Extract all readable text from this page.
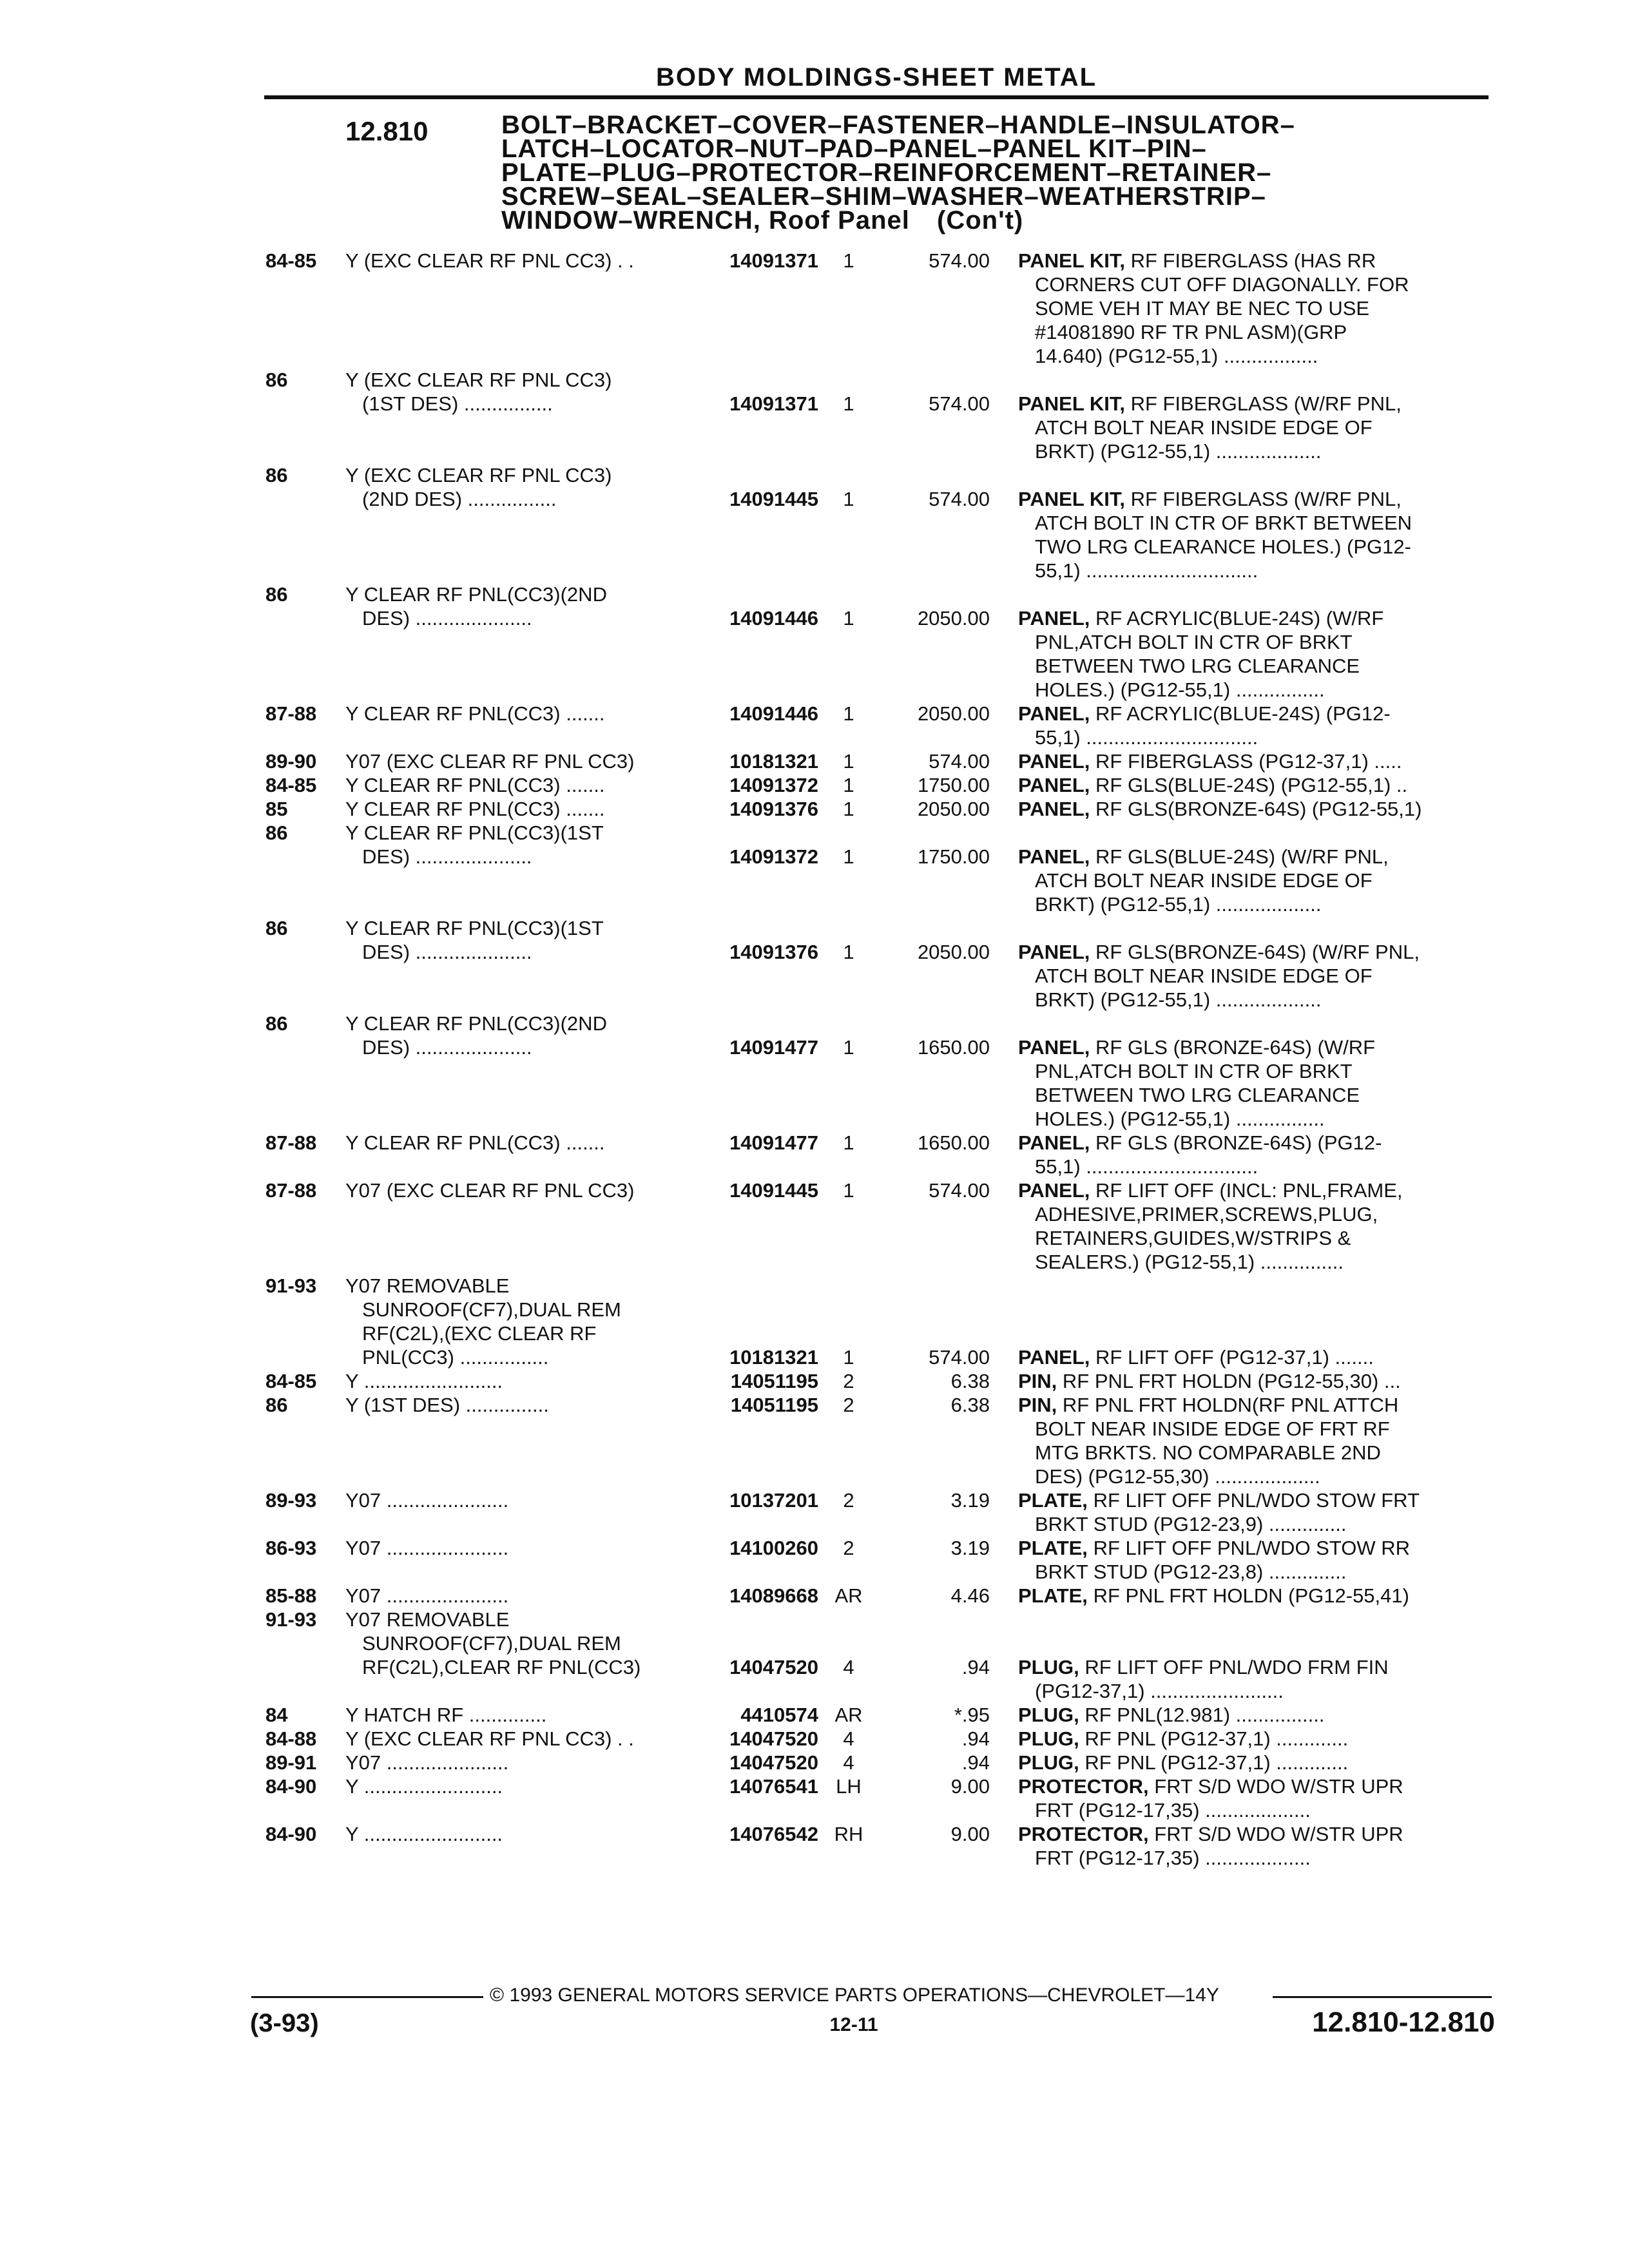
BODY MOLDINGS-SHEET METAL
12.810	BOLT–BRACKET–COVER–FASTENER–HANDLE–INSULATOR–
LATCH–LOCATOR–NUT–PAD–PANEL–PANEL KIT–PIN–
PLATE–PLUG–PROTECTOR–REINFORCEMENT–RETAINER–
SCREW–SEAL–SEALER–SHIM–WASHER–WEATHERSTRIP–
WINDOW–WRENCH, Roof Panel (Con't)
84-85 Y (EXC CLEAR RF PNL CC3) . .	14091371	1	574.00 PANEL KIT, RF FIBERGLASS (HAS RR
CORNERS CUT OFF DIAGONALLY. FOR
SOME VEH IT MAY BE NEC TO USE
#14081890 RF TR PNL ASM)(GRP
14.640) (PG12-55,1) .................
86	Y (EXC CLEAR RF PNL CC3)
(1ST DES) ................	14091371	1	574.00 PANEL KIT, RF FIBERGLASS (W/RF PNL,
ATCH BOLT NEAR INSIDE EDGE OF
BRKT) (PG12-55,1) ...................
86	Y (EXC CLEAR RF PNL CC3)
(2ND DES) ................	14091445	1	574.00 PANEL KIT, RF FIBERGLASS (W/RF PNL,
ATCH BOLT IN CTR OF BRKT BETWEEN
TWO LRG CLEARANCE HOLES.) (PG12-
55,1) ...............................
86	Y CLEAR RF PNL(CC3)(2ND
DES) .....................	14091446	1	2050.00 PANEL, RF ACRYLIC(BLUE-24S) (W/RF
PNL,ATCH BOLT IN CTR OF BRKT
BETWEEN TWO LRG CLEARANCE
HOLES.) (PG12-55,1) ................
87-88 Y CLEAR RF PNL(CC3) .......	14091446	1	2050.00 PANEL, RF ACRYLIC(BLUE-24S) (PG12-
55,1) ...............................
89-90 Y07 (EXC CLEAR RF PNL CC3)	10181321	1	574.00 PANEL, RF FIBERGLASS (PG12-37,1) .....
84-85 Y CLEAR RF PNL(CC3) .......	14091372	1	1750.00 PANEL, RF GLS(BLUE-24S) (PG12-55,1) ..
85	Y CLEAR RF PNL(CC3) .......	14091376	1	2050.00 PANEL, RF GLS(BRONZE-64S) (PG12-55,1)
86	Y CLEAR RF PNL(CC3)(1ST
DES) .....................	14091372	1	1750.00 PANEL, RF GLS(BLUE-24S) (W/RF PNL,
ATCH BOLT NEAR INSIDE EDGE OF
BRKT) (PG12-55,1) ...................
86	Y CLEAR RF PNL(CC3)(1ST
DES) .....................	14091376	1	2050.00 PANEL, RF GLS(BRONZE-64S) (W/RF PNL,
ATCH BOLT NEAR INSIDE EDGE OF
BRKT) (PG12-55,1) ...................
86	Y CLEAR RF PNL(CC3)(2ND
DES) .....................	14091477	1	1650.00 PANEL, RF GLS (BRONZE-64S) (W/RF
PNL,ATCH BOLT IN CTR OF BRKT
BETWEEN TWO LRG CLEARANCE
HOLES.) (PG12-55,1) ................
87-88 Y CLEAR RF PNL(CC3) .......	14091477	1	1650.00 PANEL, RF GLS (BRONZE-64S) (PG12-
55,1) ...............................
87-88 Y07 (EXC CLEAR RF PNL CC3)	14091445	1	574.00 PANEL, RF LIFT OFF (INCL: PNL,FRAME,
ADHESIVE,PRIMER,SCREWS,PLUG,
RETAINERS,GUIDES,W/STRIPS &
SEALERS.) (PG12-55,1) ...............
91-93 Y07 REMOVABLE
SUNROOF(CF7),DUAL REM
RF(C2L),(EXC CLEAR RF
PNL(CC3) ................	10181321	1	574.00 PANEL, RF LIFT OFF (PG12-37,1) .......
84-85 Y .........................	14051195	2	6.38 PIN, RF PNL FRT HOLDN (PG12-55,30) ...
86	Y (1ST DES) ...............	14051195	2	6.38 PIN, RF PNL FRT HOLDN(RF PNL ATTCH
BOLT NEAR INSIDE EDGE OF FRT RF
MTG BRKTS. NO COMPARABLE 2ND
DES) (PG12-55,30) ...................
89-93 Y07 ......................	10137201	2	3.19 PLATE, RF LIFT OFF PNL/WDO STOW FRT
BRKT STUD (PG12-23,9) ..............
86-93 Y07 ......................	14100260	2	3.19 PLATE, RF LIFT OFF PNL/WDO STOW RR
BRKT STUD (PG12-23,8) ..............
85-88 Y07 ......................	14089668 AR	4.46 PLATE, RF PNL FRT HOLDN (PG12-55,41)
91-93 Y07 REMOVABLE
SUNROOF(CF7),DUAL REM
RF(C2L),CLEAR RF PNL(CC3)	14047520	4	.94 PLUG, RF LIFT OFF PNL/WDO FRM FIN
(PG12-37,1) ........................
84	Y HATCH RF ..............	4410574 AR	*.95 PLUG, RF PNL(12.981) ................
84-88 Y (EXC CLEAR RF PNL CC3) . .	14047520	4	.94 PLUG, RF PNL (PG12-37,1) .............
89-91 Y07 ......................	14047520	4	.94 PLUG, RF PNL (PG12-37,1) .............
84-90 Y .........................	14076541 LH	9.00 PROTECTOR, FRT S/D WDO W/STR UPR
FRT (PG12-17,35) ...................
84-90 Y .........................	14076542 RH	9.00 PROTECTOR, FRT S/D WDO W/STR UPR
FRT (PG12-17,35) ...................
© 1993 GENERAL MOTORS SERVICE PARTS OPERATIONS—CHEVROLET—14Y
(3-93)	12-11	12.810-12.810
